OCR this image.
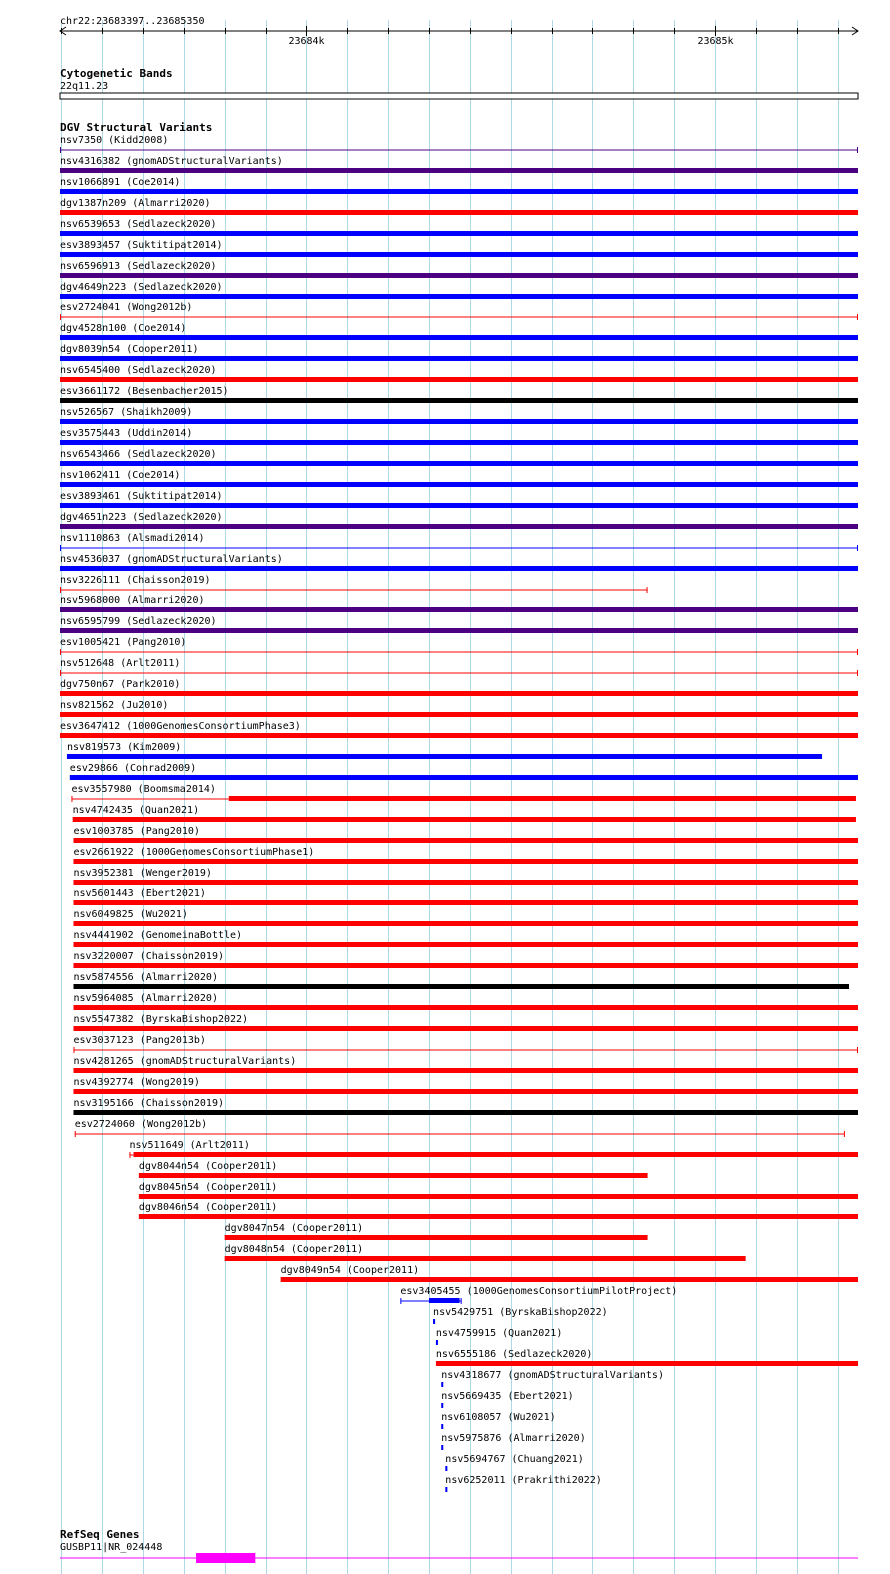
chr22:23683397..23685350
23684k	23685k
Cytogenetic Bands
22q11.23
DGV Structural Variants
nsv7350 (Kidd2008)
nsv4316382 (gnomADStructuralVariants)
nsv1066891 (Coe2014)
dgv1387n209 (Almarri2020)
nsv6539653 (Sedlazeck2020)
esv3893457 (Suktitipat2014)
nsv6596913 (Sedlazeck2020)
dgv4649n223 (Sedlazeck2020)
esv2724041 (Wong2012b)
dgv4528n100 (Coe2014)
dgv8039n54 (Cooper2011)
nsv6545400 (Sedlazeck2020)
esv3661172 (Besenbacher2015)
nsv526567 (Shaikh2009)
esv3575443 (Uddin2014)
nsv6543466 (Sedlazeck2020)
nsv1062411 (Coe2014)
esv3893461 (Suktitipat2014)
dgv4651n223 (Sedlazeck2020)
nsv1110863 (Alsmadi2014)
nsv4536037 (gnomADStructuralVariants)
nsv3226111 (Chaisson2019)
nsv5968000 (Almarri2020)
nsv6595799 (Sedlazeck2020)
esv1005421 (Pang2010)
nsv512648 (Arlt2011)
dgv750n67 (Park2010)
nsv821562 (Ju2010)
esv3647412 (1000GenomesConsortiumPhase3)
nsv819573 (Kim2009)
esv29866 (Conrad2009)
esv3557980 (Boomsma2014)
nsv4742435 (Quan2021)
esv1003785 (Pang2010)
esv2661922 (1000GenomesConsortiumPhase1)
nsv3952381 (Wenger2019)
nsv5601443 (Ebert2021)
nsv6049825 (Wu2021)
nsv4441902 (GenomeinaBottle)
nsv3220007 (Chaisson2019)
nsv5874556 (Almarri2020)
nsv5964085 (Almarri2020)
nsv5547382 (ByrskaBishop2022)
esv3037123 (Pang2013b)
nsv4281265 (gnomADStructuralVariants)
nsv4392774 (Wong2019)
nsv3195166 (Chaisson2019)
esv2724060 (Wong2012b)
nsv511649 (Arlt2011)
dgv8044n54 (Cooper2011)
dgv8045n54 (Cooper2011)
dgv8046n54 (Cooper2011)
dgv8047n54 (Cooper2011)
dgv8048n54 (Cooper2011)
dgv8049n54 (Cooper2011)
esv3405455 (1000GenomesConsortiumPilotProject)
nsv5429751 (ByrskaBishop2022)
nsv4759915 (Quan2021)
nsv6555186 (Sedlazeck2020)
nsv4318677 (gnomADStructuralVariants)
nsv5669435 (Ebert2021)
nsv6108057 (Wu2021)
nsv5975876 (Almarri2020)
nsv5694767 (Chuang2021)
nsv6252011 (Prakrithi2022)
RefSeq Genes
GUSBP11|NR_024448
